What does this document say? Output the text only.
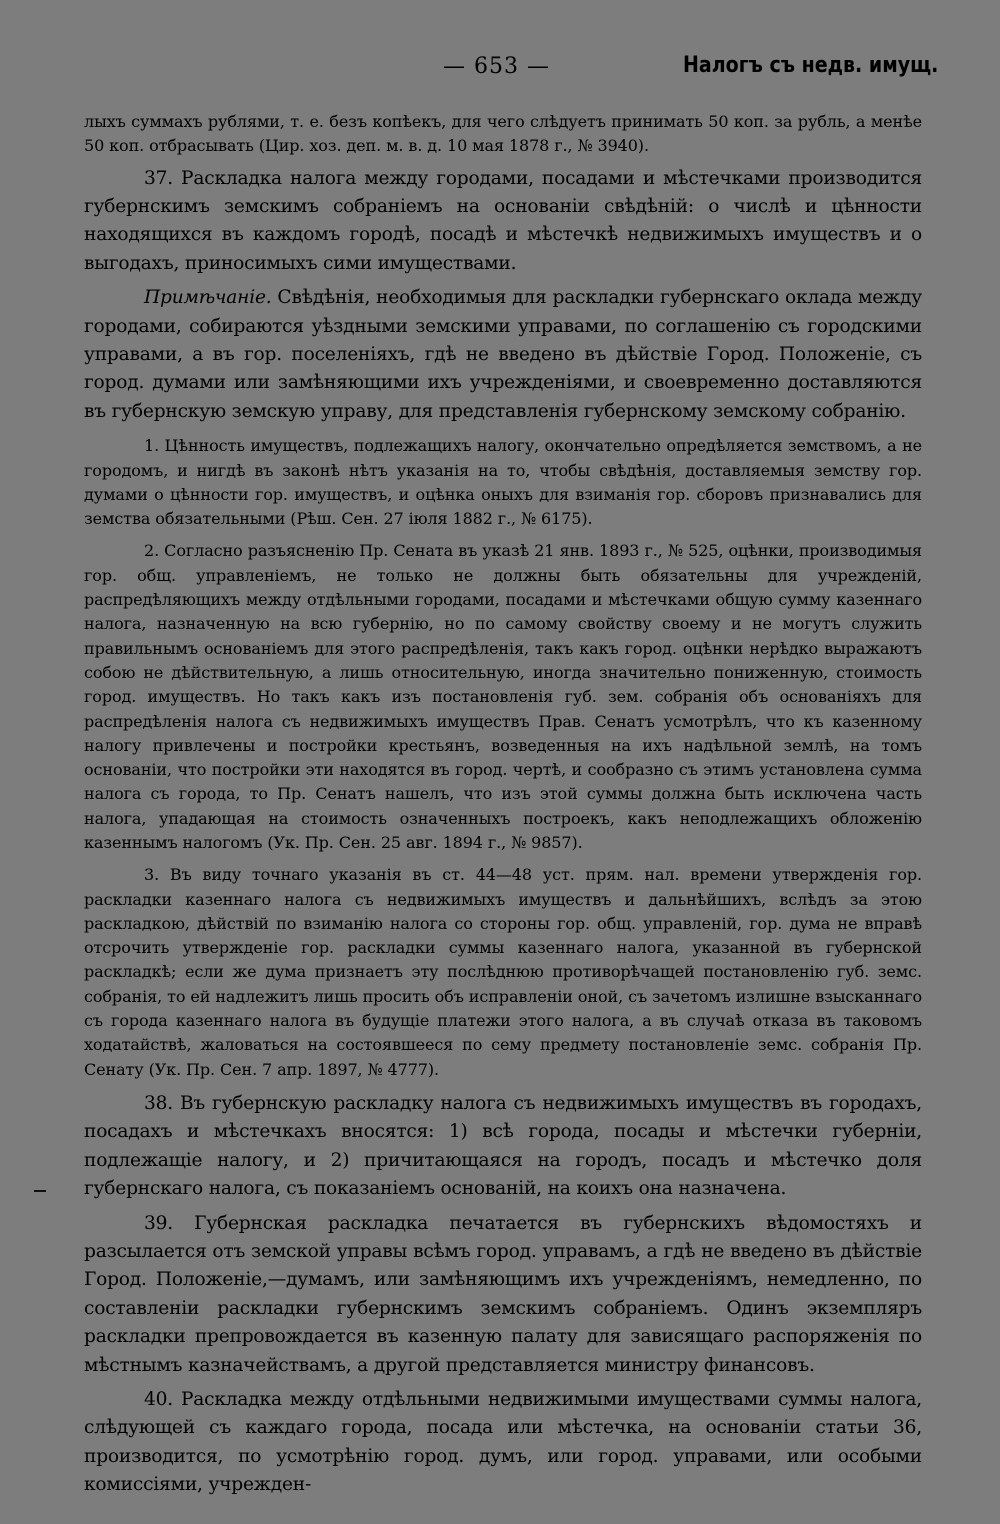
— 653 —	Налогъ съ недв. имущ.

лыхъ суммахъ рублями, т. е. безъ копѣекъ, для чего слѣдуетъ принимать 50 коп. за рубль, а менѣе 50 коп. отбрасывать (Цир. хоз. деп. м. в. д. 10 мая 1878 г., № 3940).

37. Раскладка налога между городами, посадами и мѣстечками производится губернскимъ земскимъ собраніемъ на основаніи свѣдѣній: о числѣ и цѣнности находящихся въ каждомъ городѣ, посадѣ и мѣстечкѣ недвижимыхъ имуществъ и о выгодахъ, приносимыхъ сими имуществами.

Примѣчаніе. Свѣдѣнія, необходимыя для раскладки губернскаго оклада между городами, собираются уѣздными земскими управами, по соглашенію съ городскими управами, а въ гор. поселеніяхъ, гдѣ не введено въ дѣйствіе Город. Положеніе, съ город. думами или замѣняющими ихъ учрежденіями, и своевременно доставляются въ губернскую земскую управу, для представленія губернскому земскому собранію.

1. Цѣнность имуществъ, подлежащихъ налогу, окончательно опредѣляется земствомъ, а не городомъ, и нигдѣ въ законѣ нѣтъ указанія на то, чтобы свѣдѣнія, доставляемыя земству гор. думами о цѣнности гор. имуществъ, и оцѣнка оныхъ для взиманія гор. сборовъ признавались для земства обязательными (Рѣш. Сен. 27 іюля 1882 г., № 6175).

2. Согласно разъясненію Пр. Сената въ указѣ 21 янв. 1893 г., № 525, оцѣнки, производимыя гор. общ. управленіемъ, не только не должны быть обязательны для учрежденій, распредѣляющихъ между отдѣльными городами, посадами и мѣстечками общую сумму казеннаго налога, назначенную на всю губернію, но по самому свойству своему и не могутъ служить правильнымъ основаніемъ для этого распредѣленія, такъ какъ город. оцѣнки нерѣдко выражаютъ собою не дѣйствительную, а лишь относительную, иногда значительно пониженную, стоимость город. имуществъ. Но такъ какъ изъ постановленія губ. зем. собранія объ основаніяхъ для распредѣленія налога съ недвижимыхъ имуществъ Прав. Сенатъ усмотрѣлъ, что къ казенному налогу привлечены и постройки крестьянъ, возведенныя на ихъ надѣльной землѣ, на томъ основаніи, что постройки эти находятся въ город. чертѣ, и сообразно съ этимъ установлена сумма налога съ города, то Пр. Сенатъ нашелъ, что изъ этой суммы должна быть исключена часть налога, упадающая на стоимость означенныхъ построекъ, какъ неподлежащихъ обложенію казеннымъ налогомъ (Ук. Пр. Сен. 25 авг. 1894 г., № 9857).

3. Въ виду точнаго указанія въ ст. 44—48 уст. прям. нал. времени утвержденія гор. раскладки казеннаго налога съ недвижимыхъ имуществъ и дальнѣйшихъ, вслѣдъ за этою раскладкою, дѣйствій по взиманію налога со стороны гор. общ. управленій, гор. дума не вправѣ отсрочить утвержденіе гор. раскладки суммы казеннаго налога, указанной въ губернской раскладкѣ; если же дума признаетъ эту послѣднюю противорѣчащей постановленію губ. земс. собранія, то ей надлежитъ лишь просить объ исправленіи оной, съ зачетомъ излишне взысканнаго съ города казеннаго налога въ будущіе платежи этого налога, а въ случаѣ отказа въ таковомъ ходатайствѣ, жаловаться на состоявшееся по сему предмету постановленіе земс. собранія Пр. Сенату (Ук. Пр. Сен. 7 апр. 1897, № 4777).

38. Въ губернскую раскладку налога съ недвижимыхъ имуществъ въ городахъ, посадахъ и мѣстечкахъ вносятся: 1) всѣ города, посады и мѣстечки губерніи, подлежащіе налогу, и 2) причитающаяся на городъ, посадъ и мѣстечко доля губернскаго налога, съ показаніемъ основаній, на коихъ она назначена.

39. Губернская раскладка печатается въ губернскихъ вѣдомостяхъ и разсылается отъ земской управы всѣмъ город. управамъ, а гдѣ не введено въ дѣйствіе Город. Положеніе,—думамъ, или замѣняющимъ ихъ учрежденіямъ, немедленно, по составленіи раскладки губернскимъ земскимъ собраніемъ. Одинъ экземпляръ раскладки препровождается въ казенную палату для зависящаго распоряженія по мѣстнымъ казначействамъ, а другой представляется министру финансовъ.

40. Раскладка между отдѣльными недвижимыми имуществами суммы налога, слѣдующей съ каждаго города, посада или мѣстечка, на основаніи статьи 36, производится, по усмотрѣнію город. думъ, или город. управами, или особыми комиссіями, учрежден-
